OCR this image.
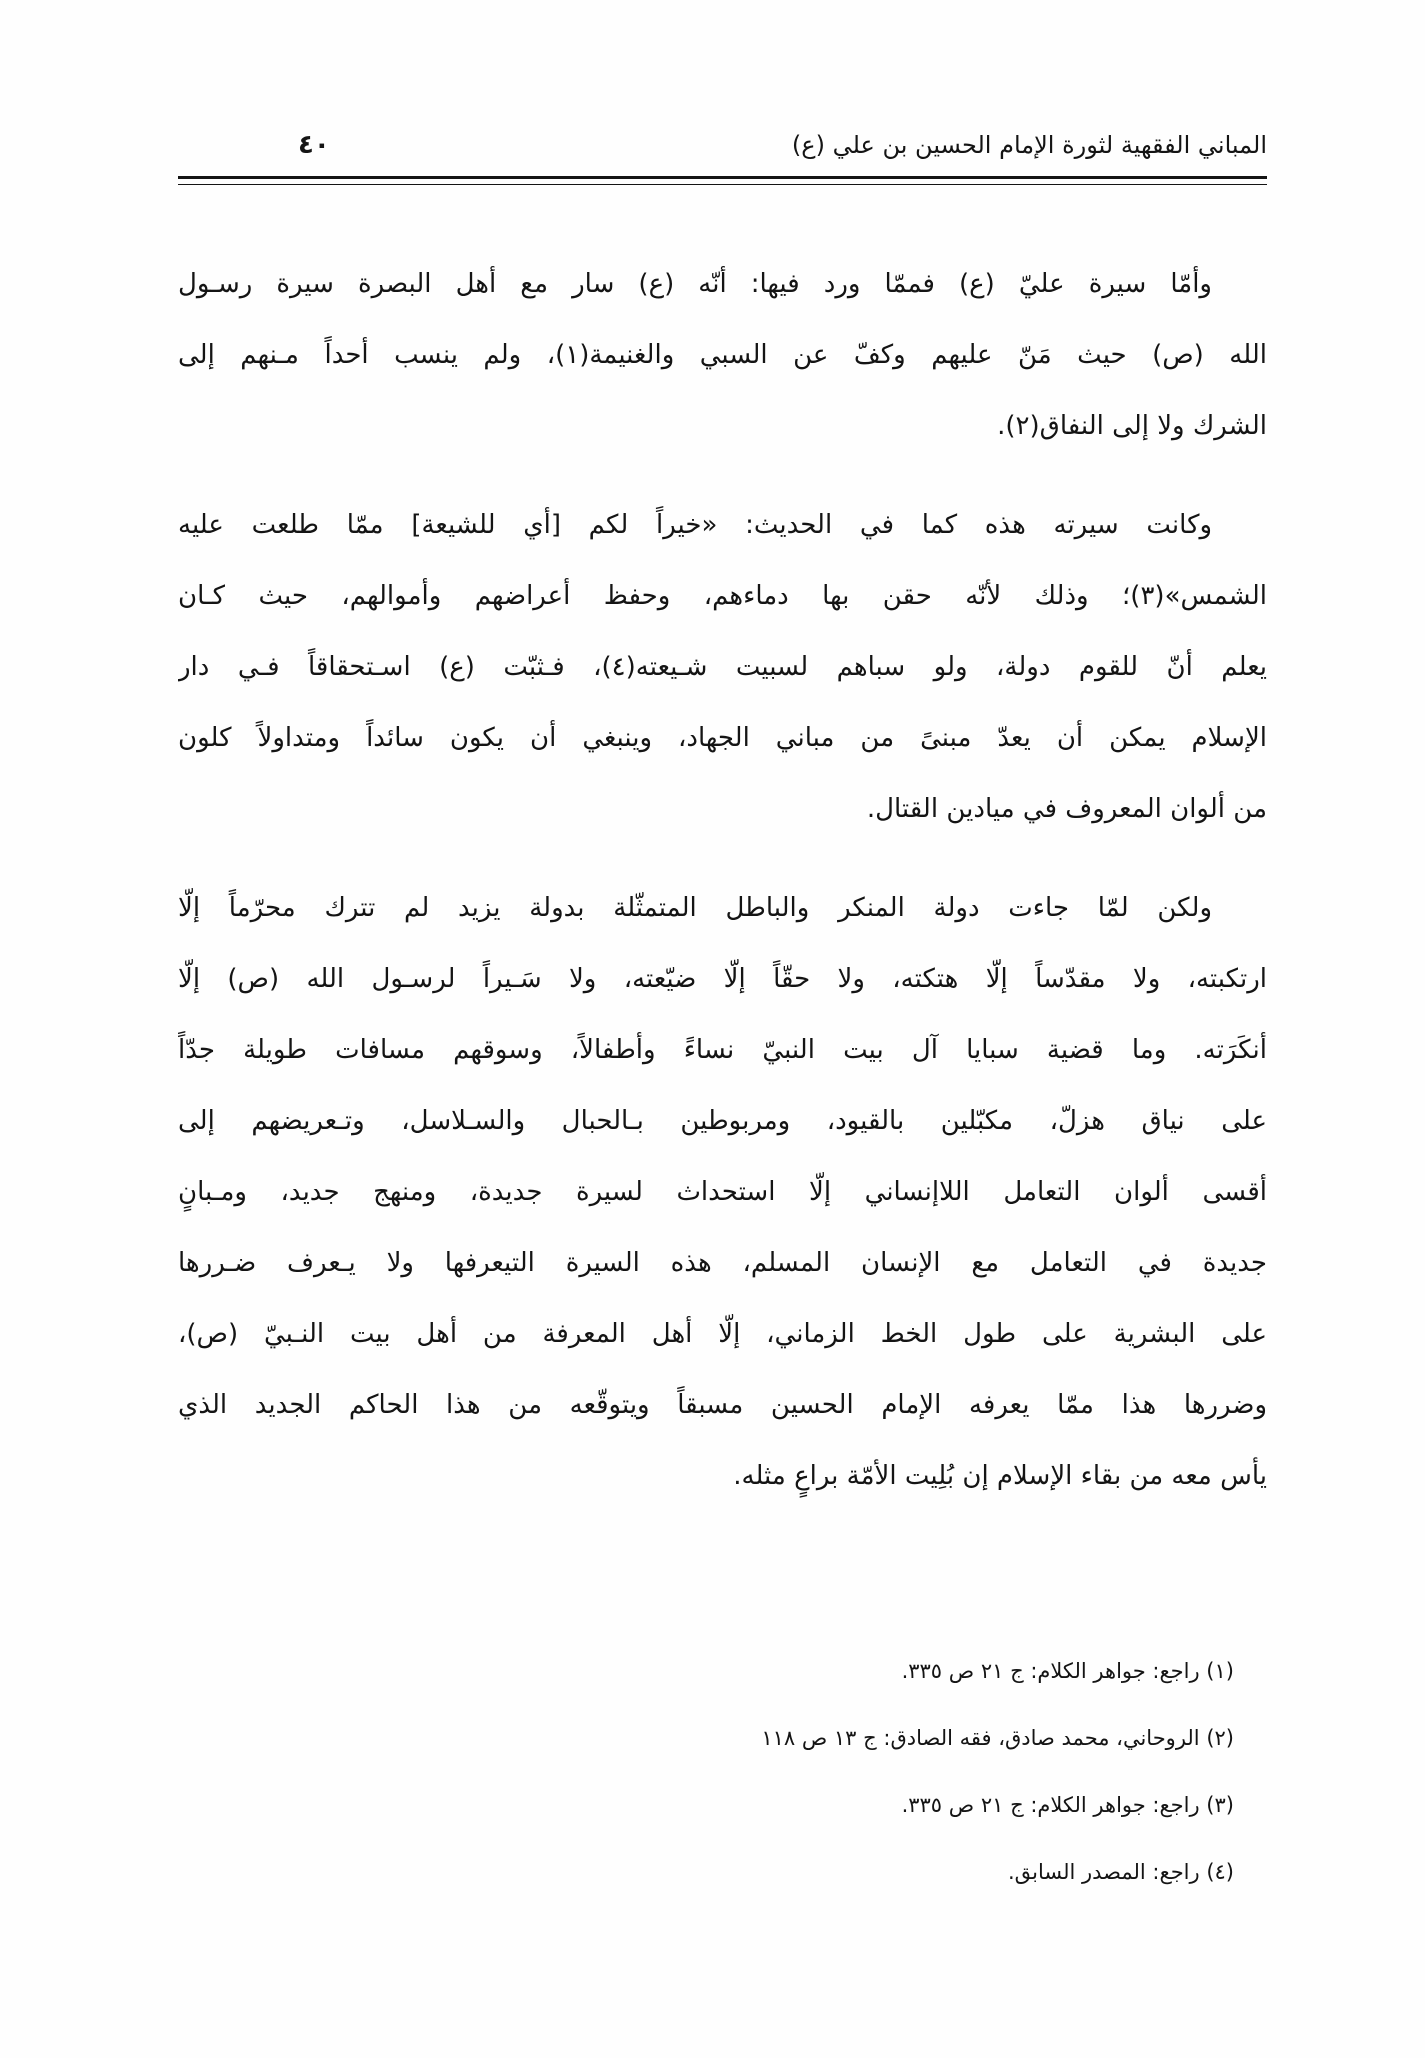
المباني الفقهية لثورة الإمام الحسين بن علي (ع)
٤٠
وأمّا سيرة عليّ (ع) فممّا ورد فيها: أنّه (ع) سار مع أهل البصرة سيرة رسـول
الله (ص) حيث مَنّ عليهم وكفّ عن السبي والغنيمة(١)، ولم ينسب أحداً مـنهم إلى
الشرك ولا إلى النفاق(٢).
وكانت سيرته هذه كما في الحديث: «خيراً لكم [أي للشيعة] ممّا طلعت عليه
الشمس»(٣)؛ وذلك لأنّه حقن بها دماءهم، وحفظ أعراضهم وأموالهم، حيث كـان
يعلم أنّ للقوم دولة، ولو سباهم لسبيت شـيعته(٤)، فـثبّت (ع) اسـتحقاقاً فـي دار
الإسلام يمكن أن يعدّ مبنىً من مباني الجهاد، وينبغي أن يكون سائداً ومتداولاً كلون
من ألوان المعروف في ميادين القتال.
ولكن لمّا جاءت دولة المنكر والباطل المتمثّلة بدولة يزيد لم تترك محرّماً إلّا
ارتكبته، ولا مقدّساً إلّا هتكته، ولا حقّاً إلّا ضيّعته، ولا سَـيراً لرسـول الله (ص) إلّا
أنكَرَته. وما قضية سبايا آل بيت النبيّ نساءً وأطفالاً، وسوقهم مسافات طويلة جدّاً
على نياق هزلّ، مكبّلين بالقيود، ومربوطين بـالحبال والسـلاسل، وتـعريضهم إلى
أقسى ألوان التعامل اللاإنساني إلّا استحداث لسيرة جديدة، ومنهج جديد، ومـبانٍ
جديدة في التعامل مع الإنسان المسلم، هذه السيرة التيعرفها ولا يـعرف ضـررها
على البشرية على طول الخط الزماني، إلّا أهل المعرفة من أهل بيت النـبيّ (ص)،
وضررها هذا ممّا يعرفه الإمام الحسين مسبقاً ويتوقّعه من هذا الحاكم الجديد الذي
يأس معه من بقاء الإسلام إن بُلِيت الأمّة براعٍ مثله.
(١) راجع: جواهر الكلام: ج ٢١ ص ٣٣٥.
(٢) الروحاني، محمد صادق، فقه الصادق: ج ١٣ ص ١١٨
(٣) راجع: جواهر الكلام: ج ٢١ ص ٣٣٥.
(٤) راجع: المصدر السابق.
